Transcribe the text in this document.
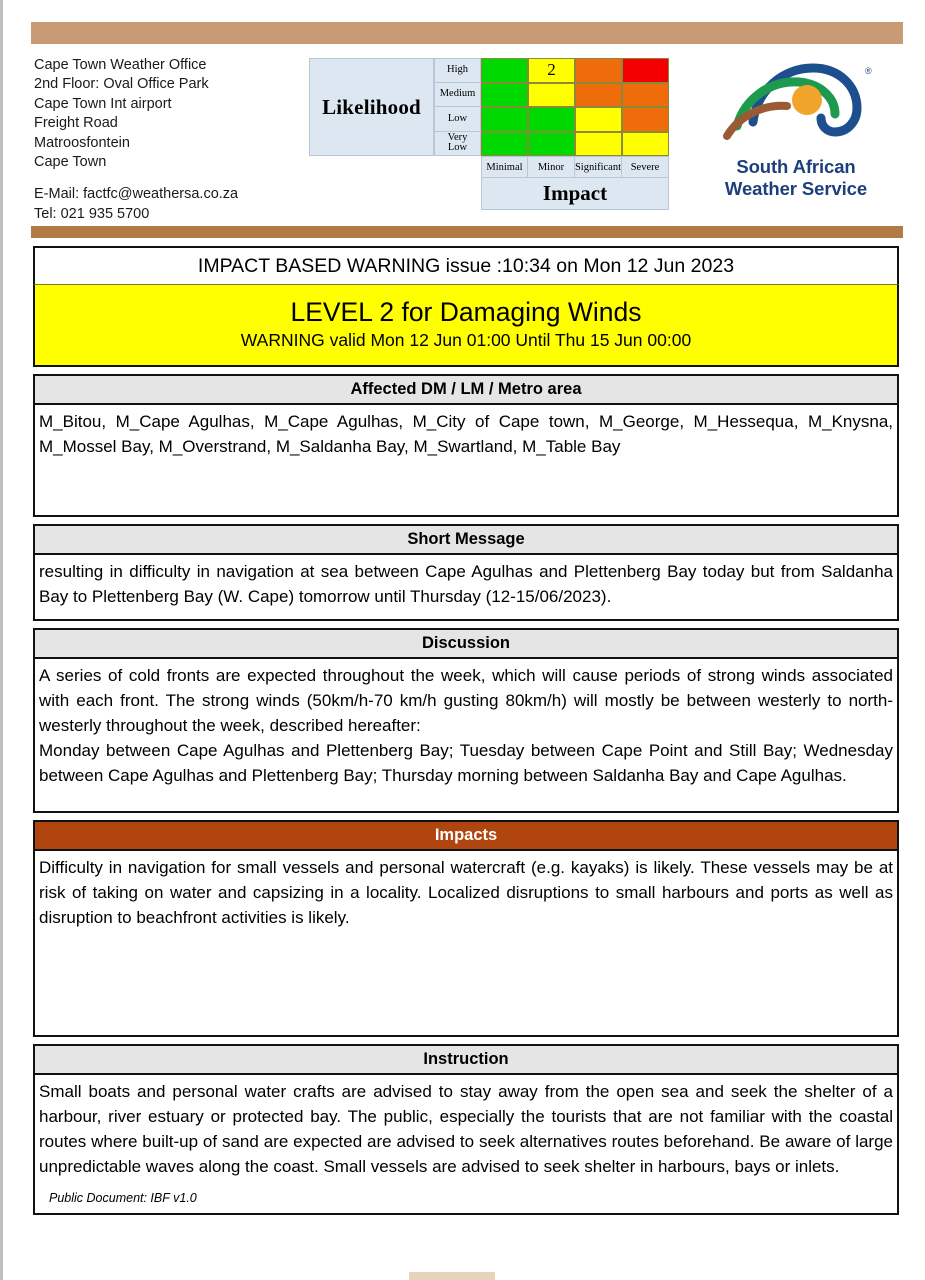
Cape Town Weather Office
2nd Floor: Oval Office Park
Cape Town Int airport
Freight Road
Matroosfontein
Cape Town
E-Mail: factfc@weathersa.co.za
Tel: 021 935 5700
Likelihood
High
Medium
Low
Very
Low
2
Minimal	Minor	Significant Severe
Impact
®
South African
Weather Service
IMPACT BASED WARNING issue :10:34 on Mon 12 Jun 2023
LEVEL 2 for Damaging Winds
WARNING valid Mon 12 Jun 01:00 Until Thu 15 Jun 00:00
Affected DM / LM / Metro area

M_Bitou, M_Cape Agulhas, M_Cape Agulhas, M_City of Cape town, M_George, M_Hessequa, M_Knysna, M_Mossel Bay, M_Overstrand, M_Saldanha Bay, M_Swartland, M_Table Bay

Short Message

resulting in difficulty in navigation at sea between Cape Agulhas and Plettenberg Bay today but from Saldanha Bay to Plettenberg Bay (W. Cape) tomorrow until Thursday (12-15/06/2023).

Discussion

A series of cold fronts are expected throughout the week, which will cause periods of strong winds associated with each front. The strong winds (50km/h-70 km/h gusting 80km/h) will mostly be between westerly to north-westerly throughout the week, described hereafter:

Monday between Cape Agulhas and Plettenberg Bay; Tuesday between Cape Point and Still Bay; Wednesday between Cape Agulhas and Plettenberg Bay; Thursday morning between Saldanha Bay and Cape Agulhas.

Impacts

Difficulty in navigation for small vessels and personal watercraft (e.g. kayaks) is likely. These vessels may be at risk of taking on water and capsizing in a locality. Localized disruptions to small harbours and ports as well as disruption to beachfront activities is likely.

Instruction

Small boats and personal water crafts are advised to stay away from the open sea and seek the shelter of a harbour, river estuary or protected bay. The public, especially the tourists that are not familiar with the coastal routes where built-up of sand are expected are advised to seek alternatives routes beforehand. Be aware of large unpredictable waves along the coast. Small vessels are advised to seek shelter in harbours, bays or inlets.

Public Document: IBF v1.0
